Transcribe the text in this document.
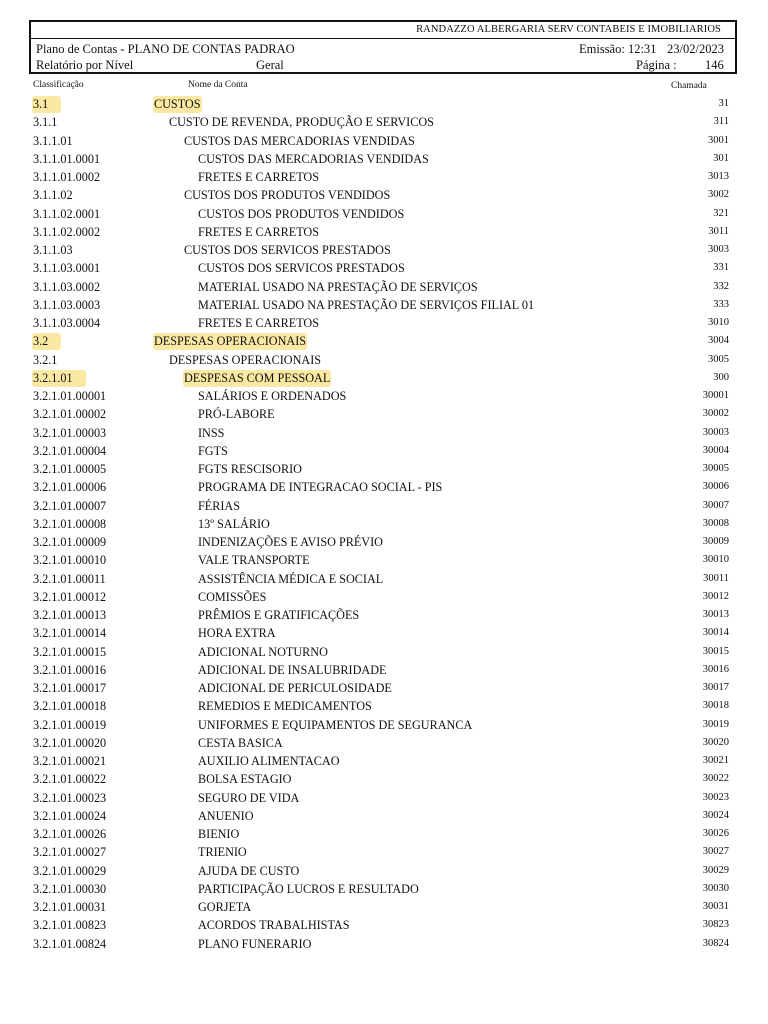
RANDAZZO ALBERGARIA SERV CONTABEIS E IMOBILIARIOS
Plano de Contas - PLANO DE CONTAS PADRAO
Relatório por Nível	Geral
Emissão: 12:31 23/02/2023
Página : 146
Classificação	Nome da Conta	Chamada
3.1	CUSTOS	31
3.1.1	CUSTO DE REVENDA, PRODUÇÃO E SERVICOS	311
3.1.1.01	CUSTOS DAS MERCADORIAS VENDIDAS	3001
3.1.1.01.0001	CUSTOS DAS MERCADORIAS VENDIDAS	301
3.1.1.01.0002	FRETES E CARRETOS	3013
3.1.1.02	CUSTOS DOS PRODUTOS VENDIDOS	3002
3.1.1.02.0001	CUSTOS DOS PRODUTOS VENDIDOS	321
3.1.1.02.0002	FRETES E CARRETOS	3011
3.1.1.03	CUSTOS DOS SERVICOS PRESTADOS	3003
3.1.1.03.0001	CUSTOS DOS SERVICOS PRESTADOS	331
3.1.1.03.0002	MATERIAL USADO NA PRESTAÇÃO DE SERVIÇOS	332
3.1.1.03.0003	MATERIAL USADO NA PRESTAÇÃO DE SERVIÇOS FILIAL 01	333
3.1.1.03.0004	FRETES E CARRETOS	3010
3.2	DESPESAS OPERACIONAIS	3004
3.2.1	DESPESAS OPERACIONAIS	3005
3.2.1.01	DESPESAS COM PESSOAL	300
3.2.1.01.00001	SALÁRIOS E ORDENADOS	30001
3.2.1.01.00002	PRÓ-LABORE	30002
3.2.1.01.00003	INSS	30003
3.2.1.01.00004	FGTS	30004
3.2.1.01.00005	FGTS RESCISORIO	30005
3.2.1.01.00006	PROGRAMA DE INTEGRACAO SOCIAL - PIS	30006
3.2.1.01.00007	FÉRIAS	30007
3.2.1.01.00008	13º SALÁRIO	30008
3.2.1.01.00009	INDENIZAÇÕES E AVISO PRÉVIO	30009
3.2.1.01.00010	VALE TRANSPORTE	30010
3.2.1.01.00011	ASSISTÊNCIA MÉDICA E SOCIAL	30011
3.2.1.01.00012	COMISSÕES	30012
3.2.1.01.00013	PRÊMIOS E GRATIFICAÇÕES	30013
3.2.1.01.00014	HORA EXTRA	30014
3.2.1.01.00015	ADICIONAL NOTURNO	30015
3.2.1.01.00016	ADICIONAL DE INSALUBRIDADE	30016
3.2.1.01.00017	ADICIONAL DE PERICULOSIDADE	30017
3.2.1.01.00018	REMEDIOS E MEDICAMENTOS	30018
3.2.1.01.00019	UNIFORMES E EQUIPAMENTOS DE SEGURANCA	30019
3.2.1.01.00020	CESTA BASICA	30020
3.2.1.01.00021	AUXILIO ALIMENTACAO	30021
3.2.1.01.00022	BOLSA ESTAGIO	30022
3.2.1.01.00023	SEGURO DE VIDA	30023
3.2.1.01.00024	ANUENIO	30024
3.2.1.01.00026	BIENIO	30026
3.2.1.01.00027	TRIENIO	30027
3.2.1.01.00029	AJUDA DE CUSTO	30029
3.2.1.01.00030	PARTICIPAÇÃO LUCROS E RESULTADO	30030
3.2.1.01.00031	GORJETA	30031
3.2.1.01.00823	ACORDOS TRABALHISTAS	30823
3.2.1.01.00824	PLANO FUNERARIO	30824
